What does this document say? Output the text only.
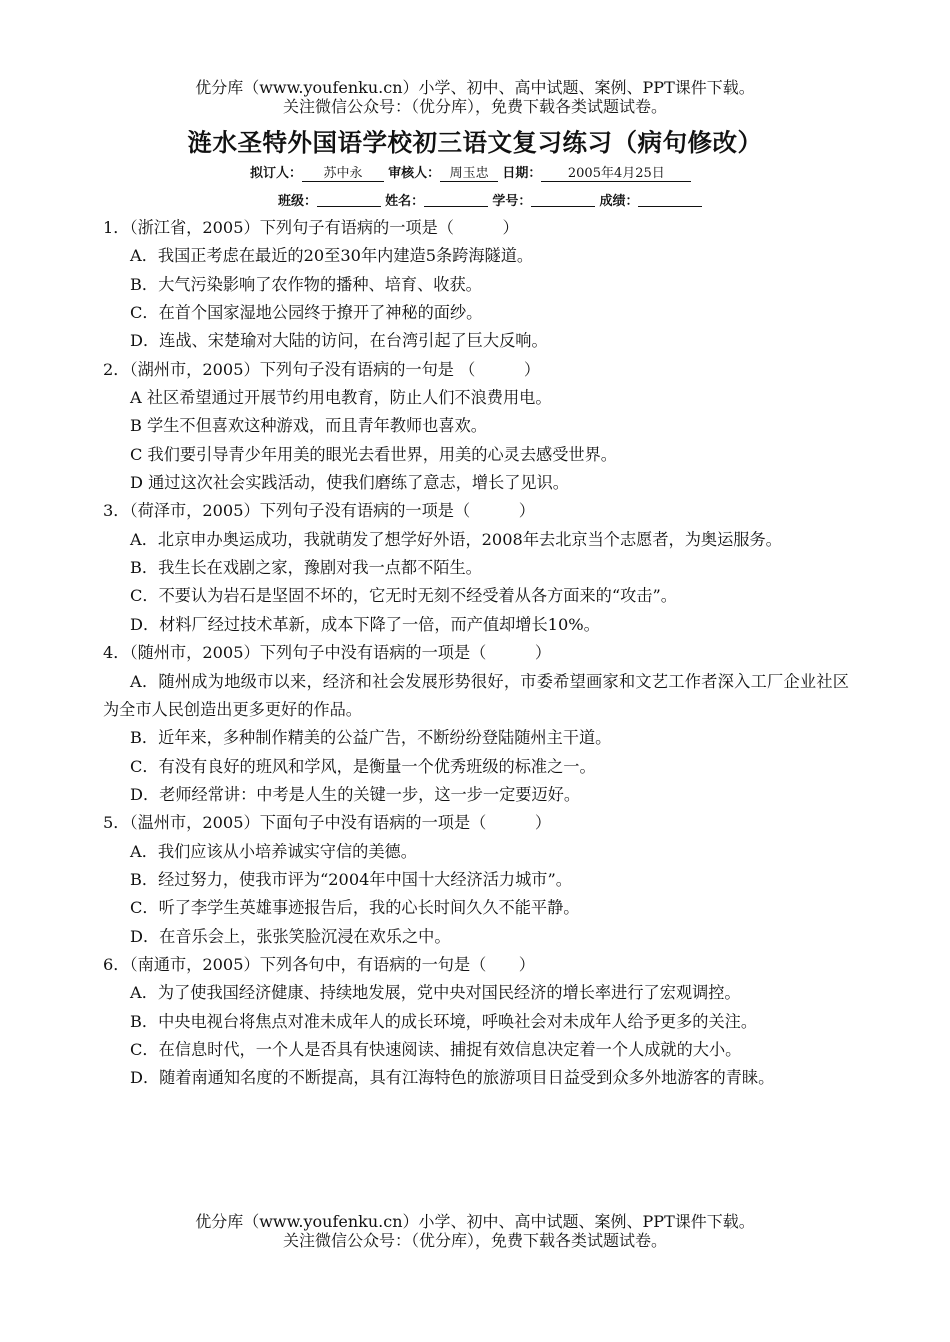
优分库（www.youfenku.cn）小学、初中、高中试题、案例、PPT课件下载。
关注微信公众号：（优分库），免费下载各类试题试卷。
涟水圣特外国语学校初三语文复习练习（病句修改）
拟订人： 苏中永 审核人： 周玉忠 日期： 2005年4月25日
班级：	姓名：	学号：	成绩：
1．（浙江省，2005）下列句子有语病的一项是（　　　）
A．我国正考虑在最近的20至30年内建造5条跨海隧道。
B．大气污染影响了农作物的播种、培育、收获。
C．在首个国家湿地公园终于撩开了神秘的面纱。
D．连战、宋楚瑜对大陆的访问，在台湾引起了巨大反响。
2．（湖州市，2005）下列句子没有语病的一句是 （　　　）
A 社区希望通过开展节约用电教育，防止人们不浪费用电。
B 学生不但喜欢这种游戏，而且青年教师也喜欢。
C 我们要引导青少年用美的眼光去看世界，用美的心灵去感受世界。
D 通过这次社会实践活动，使我们磨练了意志，增长了见识。
3．（荷泽市，2005）下列句子没有语病的一项是（　　　）
A．北京申办奥运成功，我就萌发了想学好外语，2008年去北京当个志愿者，为奥运服务。
B．我生长在戏剧之家，豫剧对我一点都不陌生。
C．不要认为岩石是坚固不坏的，它无时无刻不经受着从各方面来的“攻击”。
D．材料厂经过技术革新，成本下降了一倍，而产值却增长10%。
4．（随州市，2005）下列句子中没有语病的一项是（　　　）
A．随州成为地级市以来，经济和社会发展形势很好，市委希望画家和文艺工作者深入工厂企业社区为全市人民创造出更多更好的作品。
B．近年来，多种制作精美的公益广告，不断纷纷登陆随州主干道。
C．有没有良好的班风和学风，是衡量一个优秀班级的标准之一。
D．老师经常讲：中考是人生的关键一步，这一步一定要迈好。
5．（温州市，2005）下面句子中没有语病的一项是（　　　）
A．我们应该从小培养诚实守信的美德。
B．经过努力，使我市评为“2004年中国十大经济活力城市”。
C．听了李学生英雄事迹报告后，我的心长时间久久不能平静。
D．在音乐会上，张张笑脸沉浸在欢乐之中。
6．（南通市，2005）下列各句中，有语病的一句是（　　）
A．为了使我国经济健康、持续地发展，党中央对国民经济的增长率进行了宏观调控。
B．中央电视台将焦点对准未成年人的成长环境，呼唤社会对未成年人给予更多的关注。
C．在信息时代，一个人是否具有快速阅读、捕捉有效信息决定着一个人成就的大小。
D．随着南通知名度的不断提高，具有江海特色的旅游项目日益受到众多外地游客的青睐。
优分库（www.youfenku.cn）小学、初中、高中试题、案例、PPT课件下载。
关注微信公众号：（优分库），免费下载各类试题试卷。
